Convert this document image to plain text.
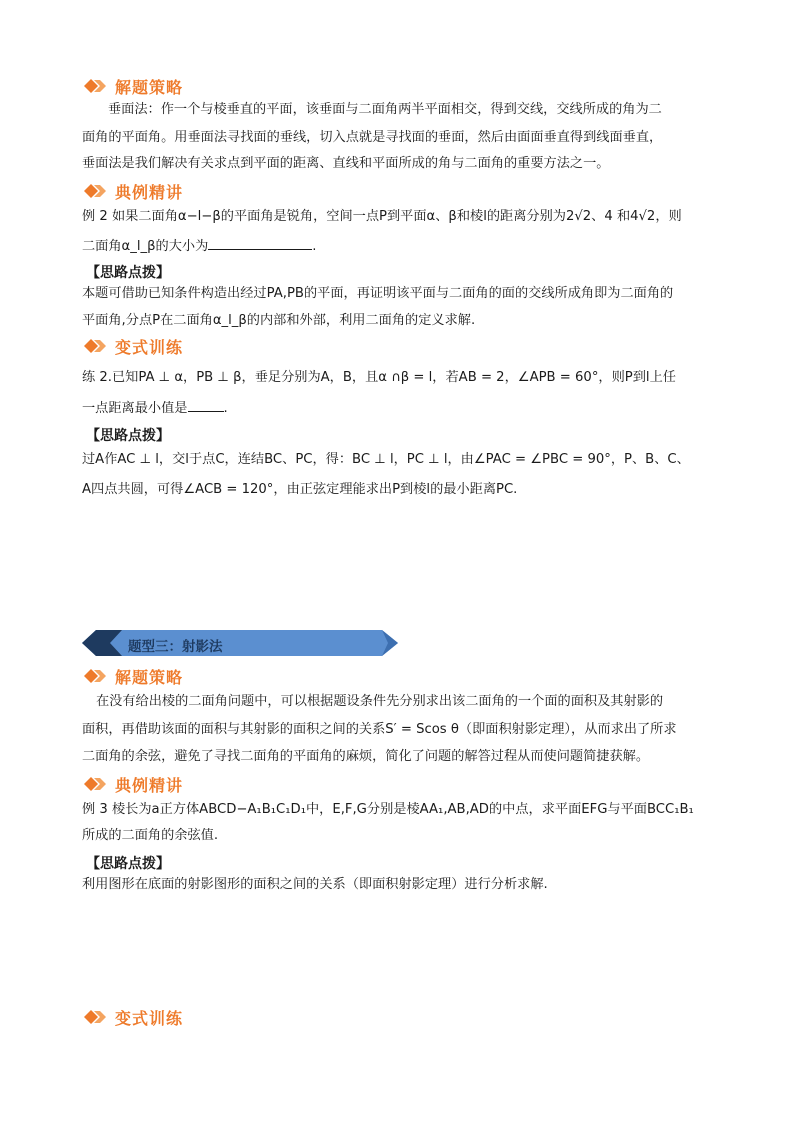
解题策略
垂面法：作一个与棱垂直的平面，该垂面与二面角两半平面相交，得到交线，交线所成的角为二
面角的平面角。用垂面法寻找面的垂线，切入点就是寻找面的垂面，然后由面面垂直得到线面垂直，
垂面法是我们解决有关求点到平面的距离、直线和平面所成的角与二面角的重要方法之一。
典例精讲
例 2 如果二面角α−l−β的平面角是锐角，空间一点P到平面α、β和棱l的距离分别为2√2、4 和4√2，则
二面角α_l_β的大小为	.
【思路点拨】
本题可借助已知条件构造出经过PA,PB的平面，再证明该平面与二面角的面的交线所成角即为二面角的
平面角,分点P在二面角α_l_β的内部和外部，利用二面角的定义求解.
变式训练
练 2.已知PA ⊥ α，PB ⊥ β，垂足分别为A，B，且α ∩β = l，若AB = 2，∠APB = 60°，则P到l上任
一点距离最小值是	.
【思路点拨】
过A作AC ⊥ l，交l于点C，连结BC、PC，得：BC ⊥ l，PC ⊥ l，由∠PAC = ∠PBC = 90°，P、B、C、
A四点共圆，可得∠ACB = 120°，由正弦定理能求出P到棱l的最小距离PC.
题型三：射影法
解题策略
在没有给出棱的二面角问题中，可以根据题设条件先分别求出该二面角的一个面的面积及其射影的
面积，再借助该面的面积与其射影的面积之间的关系S′ = Scos θ（即面积射影定理），从而求出了所求
二面角的余弦，避免了寻找二面角的平面角的麻烦，简化了问题的解答过程从而使问题简捷获解。
典例精讲
例 3 棱长为a正方体ABCD−A₁B₁C₁D₁中，E,F,G分别是棱AA₁,AB,AD的中点，求平面EFG与平面BCC₁B₁
所成的二面角的余弦值.
【思路点拨】
利用图形在底面的射影图形的面积之间的关系（即面积射影定理）进行分析求解.
变式训练
